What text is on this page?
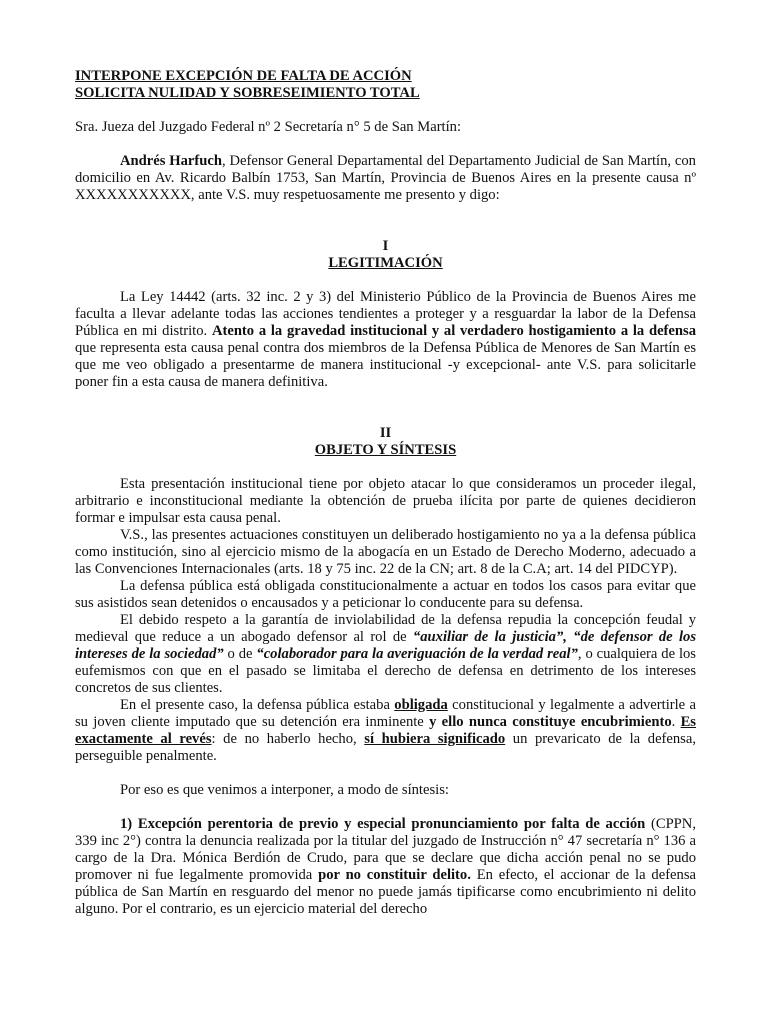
INTERPONE EXCEPCIÓN DE FALTA DE ACCIÓN
SOLICITA NULIDAD Y SOBRESEIMIENTO TOTAL

Sra. Jueza del Juzgado Federal nº 2 Secretaría n° 5 de San Martín:

Andrés Harfuch, Defensor General Departamental del Departamento Judicial de San Martín, con domicilio en Av. Ricardo Balbín 1753, San Martín, Provincia de Buenos Aires en la presente causa nº XXXXXXXXXXX, ante V.S. muy respetuosamente me presento y digo:

I
LEGITIMACIÓN

La Ley 14442 (arts. 32 inc. 2 y 3) del Ministerio Público de la Provincia de Buenos Aires me faculta a llevar adelante todas las acciones tendientes a proteger y a resguardar la labor de la Defensa Pública en mi distrito. Atento a la gravedad institucional y al verdadero hostigamiento a la defensa que representa esta causa penal contra dos miembros de la Defensa Pública de Menores de San Martín es que me veo obligado a presentarme de manera institucional -y excepcional- ante V.S. para solicitarle poner fin a esta causa de manera definitiva.

II
OBJETO Y SÍNTESIS

Esta presentación institucional tiene por objeto atacar lo que consideramos un proceder ilegal, arbitrario e inconstitucional mediante la obtención de prueba ilícita por parte de quienes decidieron formar e impulsar esta causa penal.

V.S., las presentes actuaciones constituyen un deliberado hostigamiento no ya a la defensa pública como institución, sino al ejercicio mismo de la abogacía en un Estado de Derecho Moderno, adecuado a las Convenciones Internacionales (arts. 18 y 75 inc. 22 de la CN; art. 8 de la C.A; art. 14 del PIDCYP).

La defensa pública está obligada constitucionalmente a actuar en todos los casos para evitar que sus asistidos sean detenidos o encausados y a peticionar lo conducente para su defensa.

El debido respeto a la garantía de inviolabilidad de la defensa repudia la concepción feudal y medieval que reduce a un abogado defensor al rol de “auxiliar de la justicia”, “de defensor de los intereses de la sociedad” o de “colaborador para la averiguación de la verdad real”, o cualquiera de los eufemismos con que en el pasado se limitaba el derecho de defensa en detrimento de los intereses concretos de sus clientes.

En el presente caso, la defensa pública estaba obligada constitucional y legalmente a advertirle a su joven cliente imputado que su detención era inminente y ello nunca constituye encubrimiento. Es exactamente al revés: de no haberlo hecho, sí hubiera significado un prevaricato de la defensa, perseguible penalmente.

Por eso es que venimos a interponer, a modo de síntesis:

1) Excepción perentoria de previo y especial pronunciamiento por falta de acción (CPPN, 339 inc 2°) contra la denuncia realizada por la titular del juzgado de Instrucción n° 47 secretaría n° 136 a cargo de la Dra. Mónica Berdión de Crudo, para que se declare que dicha acción penal no se pudo promover ni fue legalmente promovida por no constituir delito. En efecto, el accionar de la defensa pública de San Martín en resguardo del menor no puede jamás tipificarse como encubrimiento ni delito alguno. Por el contrario, es un ejercicio material del derecho
